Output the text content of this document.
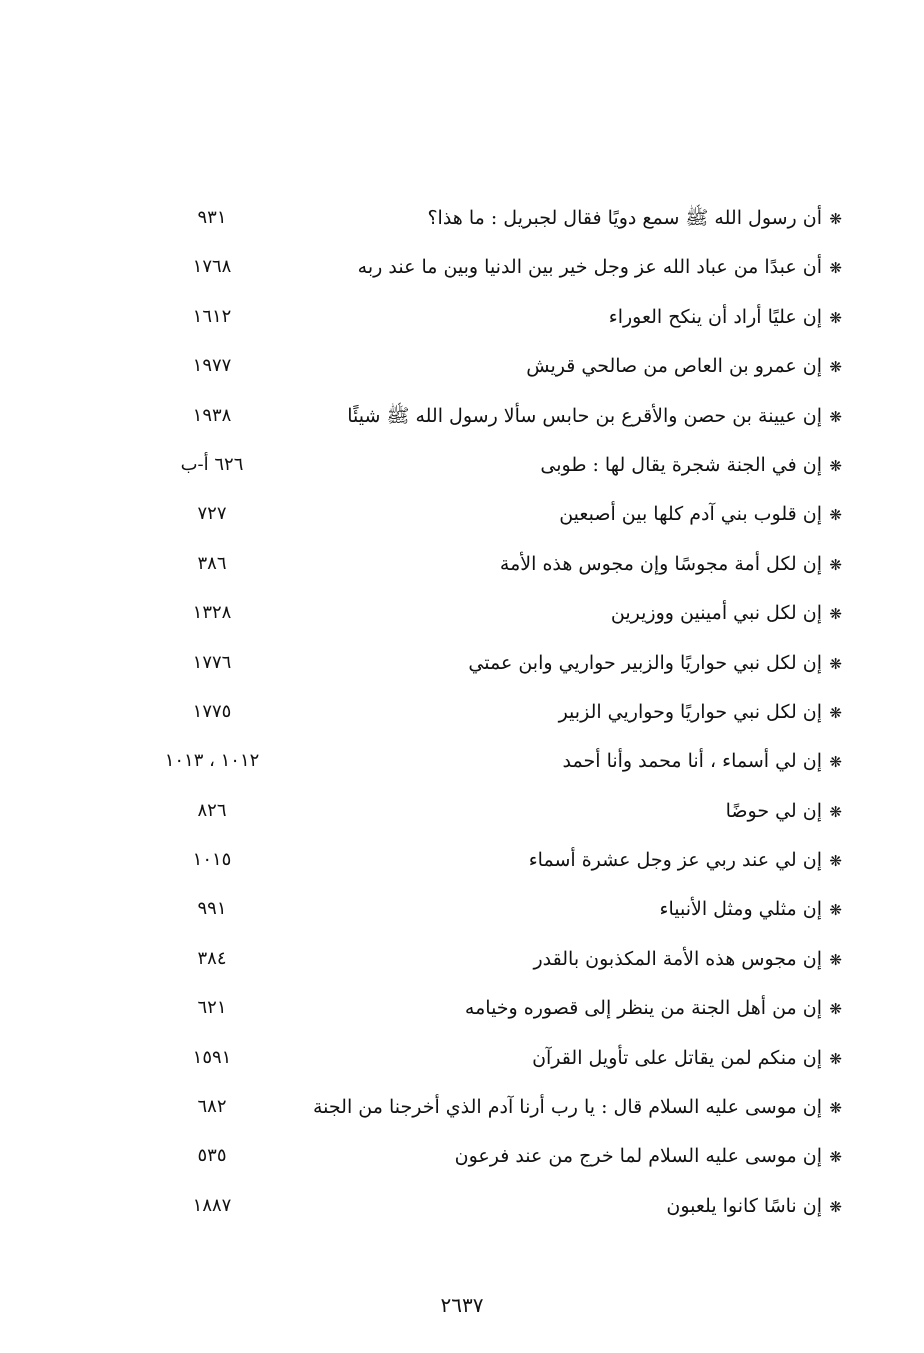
❋
أن رسول الله ﷺ سمع دويًا فقال لجبريل : ما هذا؟
٩٣١
❋
أن عبدًا من عباد الله عز وجل خير بين الدنيا وبين ما عند ربه
١٧٦٨
❋
إن عليًا أراد أن ينكح العوراء
١٦١٢
❋
إن عمرو بن العاص من صالحي قريش
١٩٧٧
❋
إن عيينة بن حصن والأقرع بن حابس سألا رسول الله ﷺ شيئًا
١٩٣٨
❋
إن في الجنة شجرة يقال لها : طوبى
٦٢٦ أ-ب
❋
إن قلوب بني آدم كلها بين أصبعين
٧٢٧
❋
إن لكل أمة مجوسًا وإن مجوس هذه الأمة
٣٨٦
❋
إن لكل نبي أمينين ووزيرين
١٣٢٨
❋
إن لكل نبي حواريًا والزبير حواريي وابن عمتي
١٧٧٦
❋
إن لكل نبي حواريًا وحواريي الزبير
١٧٧٥
❋
إن لي أسماء ، أنا محمد وأنا أحمد
١٠١٢ ، ١٠١٣
❋
إن لي حوضًا
٨٢٦
❋
إن لي عند ربي عز وجل عشرة أسماء
١٠١٥
❋
إن مثلي ومثل الأنبياء
٩٩١
❋
إن مجوس هذه الأمة المكذبون بالقدر
٣٨٤
❋
إن من أهل الجنة من ينظر إلى قصوره وخيامه
٦٢١
❋
إن منكم لمن يقاتل على تأويل القرآن
١٥٩١
❋
إن موسى عليه السلام قال : يا رب أرنا آدم الذي أخرجنا من الجنة
٦٨٢
❋
إن موسى عليه السلام لما خرج من عند فرعون
٥٣٥
❋
إن ناسًا كانوا يلعبون
١٨٨٧
٢٦٣٧
